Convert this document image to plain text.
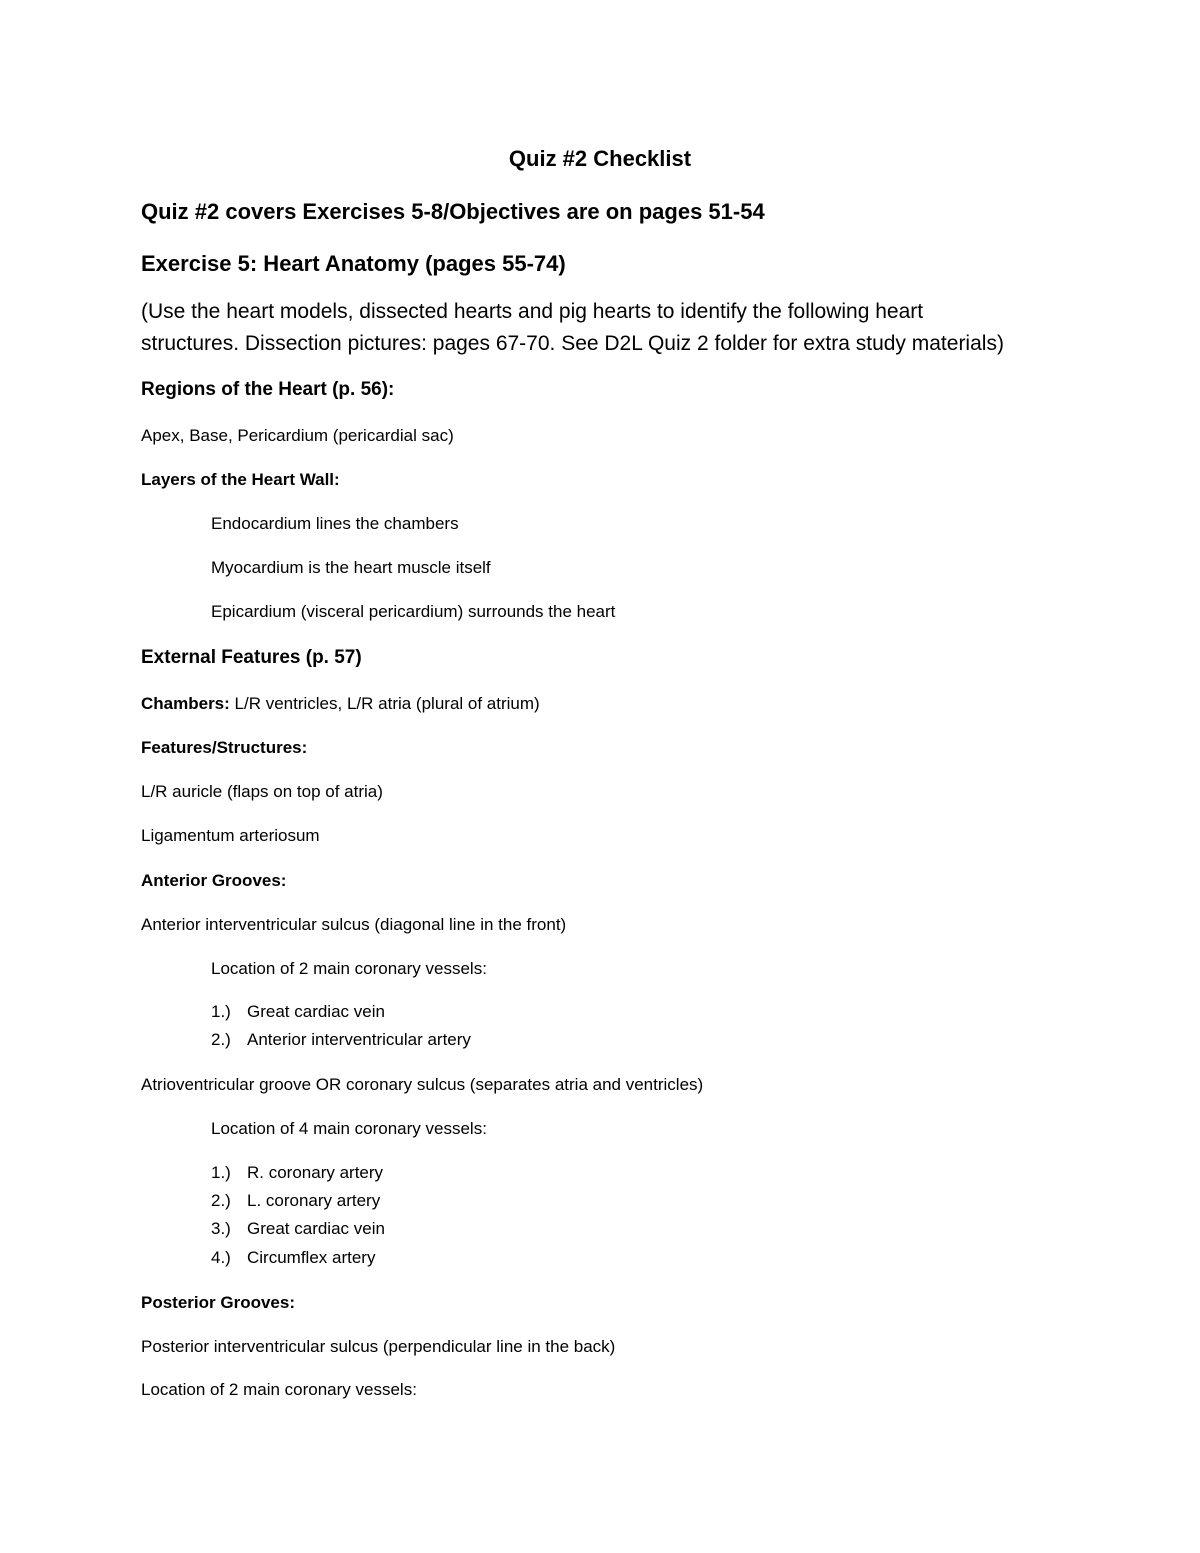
Quiz #2 Checklist
Quiz #2 covers Exercises 5-8/Objectives are on pages 51-54
Exercise 5: Heart Anatomy (pages 55-74)
(Use the heart models, dissected hearts and pig hearts to identify the following heart
structures. Dissection pictures: pages 67-70. See D2L Quiz 2 folder for extra study materials)
Regions of the Heart (p. 56):
Apex, Base, Pericardium (pericardial sac)
Layers of the Heart Wall:
Endocardium lines the chambers
Myocardium is the heart muscle itself
Epicardium (visceral pericardium) surrounds the heart
External Features (p. 57)
Chambers: L/R ventricles, L/R atria (plural of atrium)
Features/Structures:
L/R auricle (flaps on top of atria)
Ligamentum arteriosum
Anterior Grooves:
Anterior interventricular sulcus (diagonal line in the front)
Location of 2 main coronary vessels:
1.) Great cardiac vein
2.) Anterior interventricular artery
Atrioventricular groove OR coronary sulcus (separates atria and ventricles)
Location of 4 main coronary vessels:
1.) R. coronary artery
2.) L. coronary artery
3.) Great cardiac vein
4.) Circumflex artery
Posterior Grooves:
Posterior interventricular sulcus (perpendicular line in the back)
Location of 2 main coronary vessels:
